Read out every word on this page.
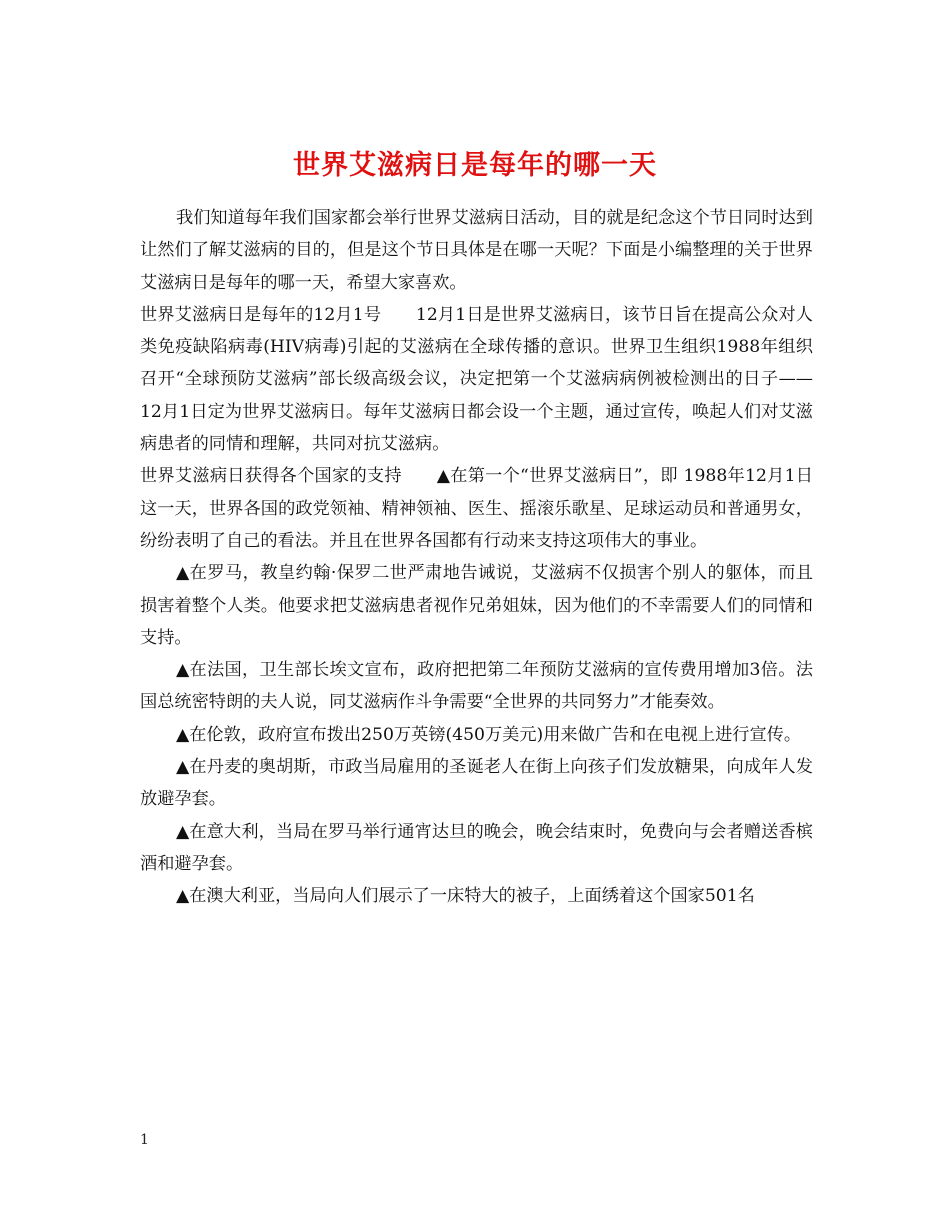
世界艾滋病日是每年的哪一天

我们知道每年我们国家都会举行世界艾滋病日活动，目的就是纪念这个节日同时达到让然们了解艾滋病的目的，但是这个节日具体是在哪一天呢？下面是小编整理的关于世界艾滋病日是每年的哪一天，希望大家喜欢。

世界艾滋病日是每年的12月1号　　12月1日是世界艾滋病日，该节日旨在提高公众对人类免疫缺陷病毒(HIV病毒)引起的艾滋病在全球传播的意识。世界卫生组织1988年组织召开“全球预防艾滋病”部长级高级会议，决定把第一个艾滋病病例被检测出的日子——12月1日定为世界艾滋病日。每年艾滋病日都会设一个主题，通过宣传，唤起人们对艾滋病患者的同情和理解，共同对抗艾滋病。

世界艾滋病日获得各个国家的支持　　▲在第一个“世界艾滋病日”，即 1988年12月1日这一天，世界各国的政党领袖、精神领袖、医生、摇滚乐歌星、足球运动员和普通男女，纷纷表明了自己的看法。并且在世界各国都有行动来支持这项伟大的事业。

▲在罗马，教皇约翰·保罗二世严肃地告诫说，艾滋病不仅损害个别人的躯体，而且损害着整个人类。他要求把艾滋病患者视作兄弟姐妹，因为他们的不幸需要人们的同情和支持。

▲在法国，卫生部长埃文宣布，政府把把第二年预防艾滋病的宣传费用增加3倍。法国总统密特朗的夫人说，同艾滋病作斗争需要“全世界的共同努力”才能奏效。

▲在伦敦，政府宣布拨出250万英镑(450万美元)用来做广告和在电视上进行宣传。

▲在丹麦的奥胡斯，市政当局雇用的圣诞老人在街上向孩子们发放糖果，向成年人发放避孕套。

▲在意大利，当局在罗马举行通宵达旦的晚会，晚会结束时，免费向与会者赠送香槟酒和避孕套。

▲在澳大利亚，当局向人们展示了一床特大的被子，上面绣着这个国家501名

1
